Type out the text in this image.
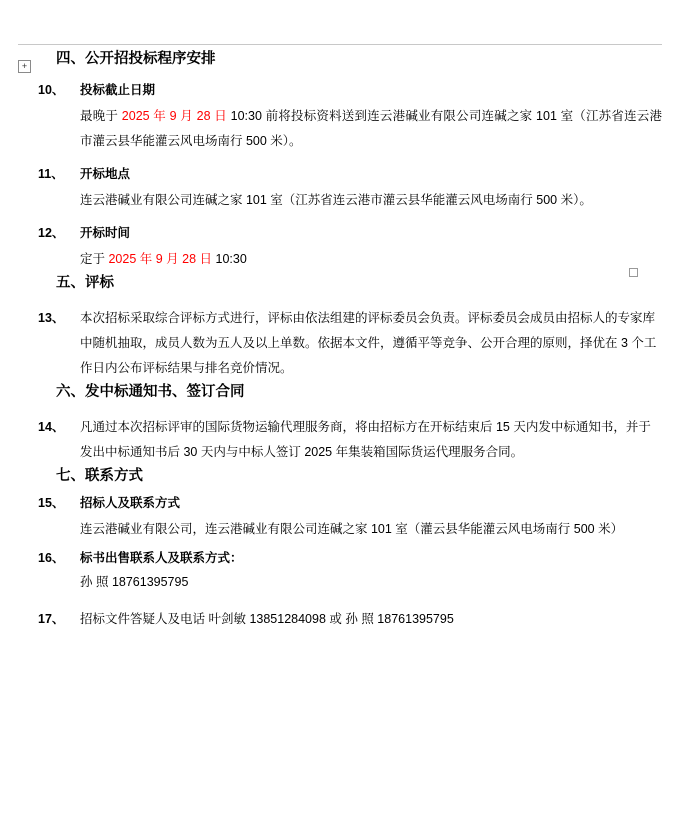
+	四、公开招投标程序安排
10、	投标截止日期
最晚于 2025 年 9 月 28 日 10:30 前将投标资料送到连云港碱业有限公司连碱之家 101 室（江苏省连云港市灌云县华能灌云风电场南行 500 米）。
11、	开标地点
连云港碱业有限公司连碱之家 101 室（江苏省连云港市灌云县华能灌云风电场南行 500 米）。
12、	开标时间
定于 2025 年 9 月 28 日 10:30
五、评标
13、 本次招标采取综合评标方式进行，评标由依法组建的评标委员会负责。评标委员会成员由招标人的专家库中随机抽取，成员人数为五人及以上单数。依据本文件，遵循平等竞争、公开合理的原则，择优在 3 个工作日内公布评标结果与排名竞价情况。
六、发中标通知书、签订合同
14、 凡通过本次招标评审的国际货物运输代理服务商，将由招标方在开标结束后 15 天内发中标通知书，并于发出中标通知书后 30 天内与中标人签订 2025 年集装箱国际货运代理服务合同。
七、联系方式
15、	招标人及联系方式
连云港碱业有限公司，连云港碱业有限公司连碱之家 101 室（灌云县华能灌云风电场南行 500 米）
16、	标书出售联系人及联系方式：
孙 照 18761395795
17、 招标文件答疑人及电话 叶剑敏 13851284098 或 孙 照 18761395795
